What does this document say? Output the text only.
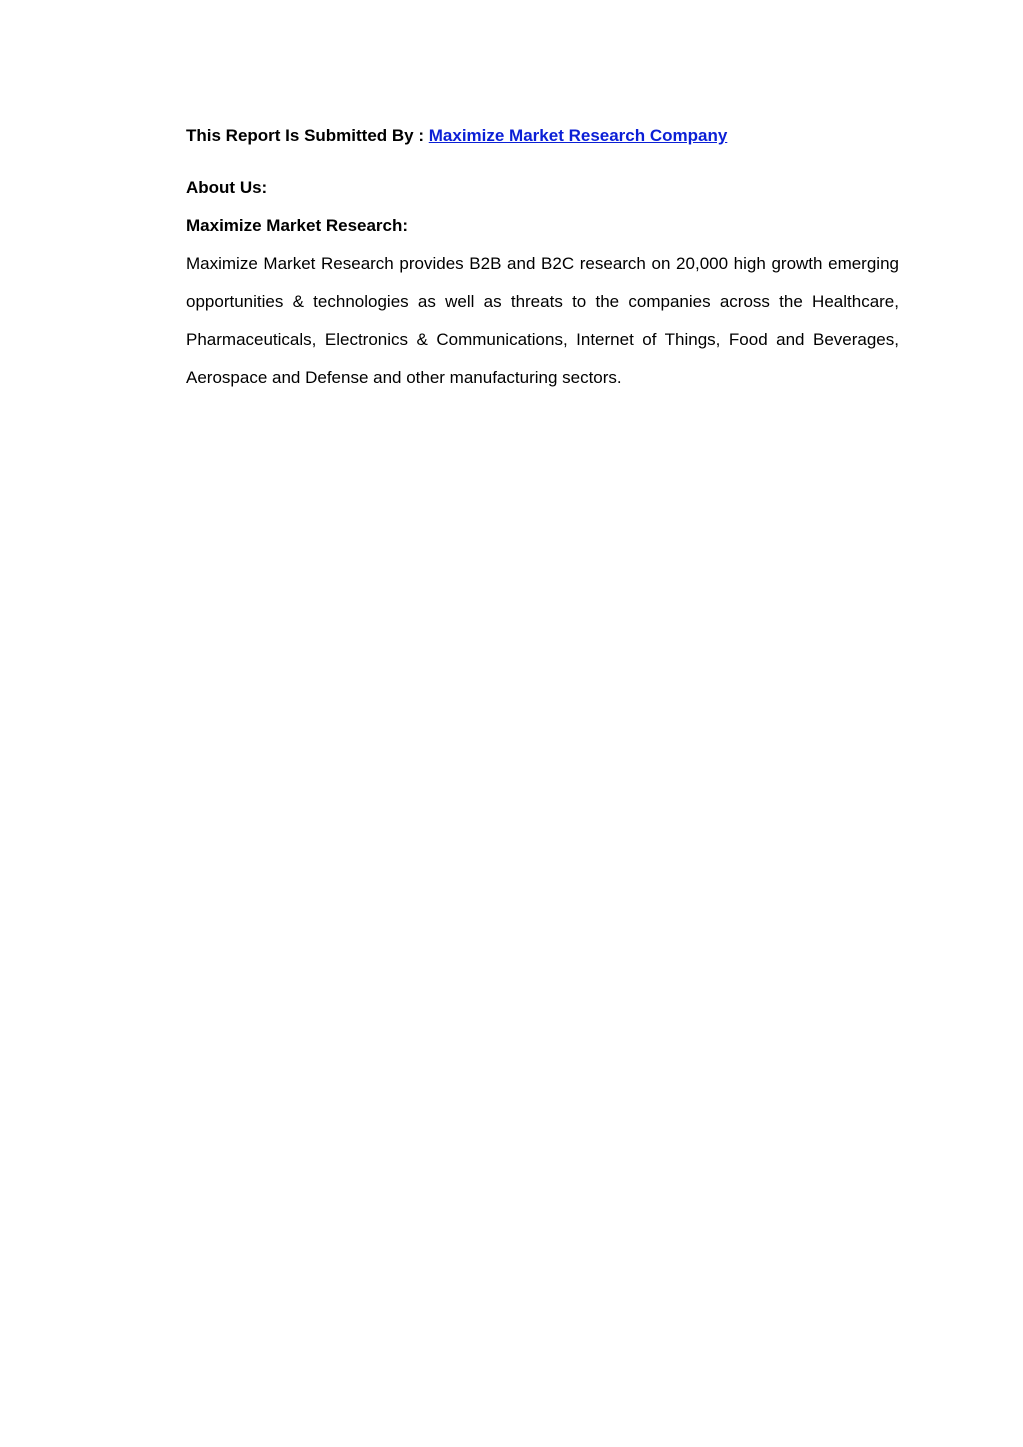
This Report Is Submitted By : Maximize Market Research Company

About Us:

Maximize Market Research:

Maximize Market Research provides B2B and B2C research on 20,000 high growth emerging opportunities & technologies as well as threats to the companies across the Healthcare, Pharmaceuticals, Electronics & Communications, Internet of Things, Food and Beverages, Aerospace and Defense and other manufacturing sectors.
